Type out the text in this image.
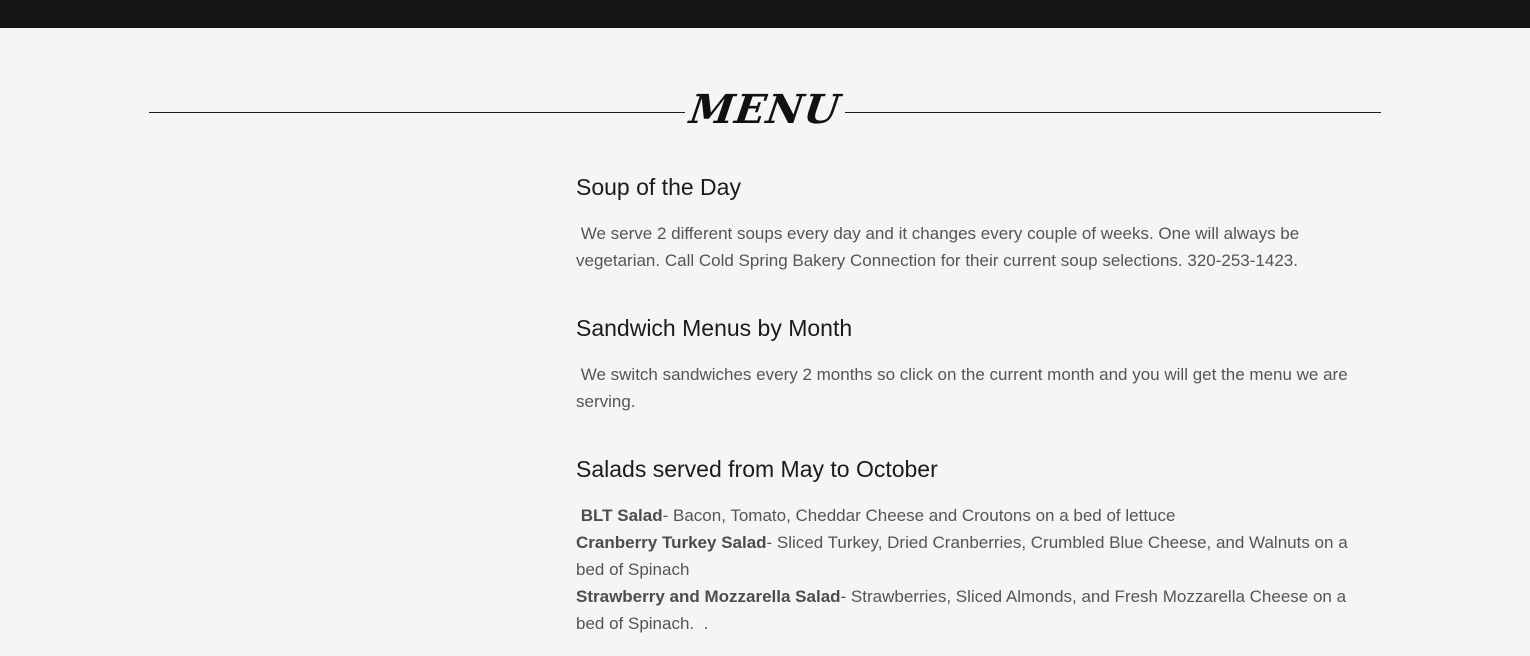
MENU
Soup of the Day

We serve 2 different soups every day and it changes every couple of weeks. One will always be vegetarian. Call Cold Spring Bakery Connection for their current soup selections. 320-253-1423.

Sandwich Menus by Month

We switch sandwiches every 2 months so click on the current month and you will get the menu we are serving.

Salads served from May to October
BLT Salad- Bacon, Tomato, Cheddar Cheese and Croutons on a bed of lettuce
Cranberry Turkey Salad- Sliced Turkey, Dried Cranberries, Crumbled Blue Cheese, and Walnuts on a bed of Spinach
Strawberry and Mozzarella Salad- Strawberries, Sliced Almonds, and Fresh Mozzarella Cheese on a bed of Spinach.  .
